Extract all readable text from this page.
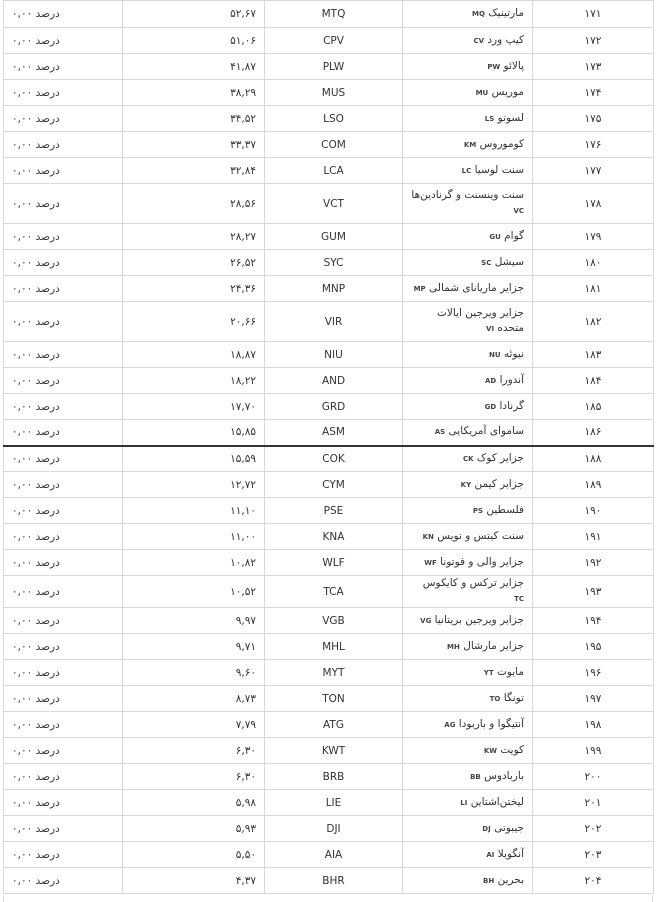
۰,۰۰ درصد	۵۲,۶۷	MTQ	مارتینیک MQ	۱۷۱
۰,۰۰ درصد	۵۱,۰۶	CPV	کیپ ورد CV	۱۷۲
۰,۰۰ درصد	۴۱,۸۷	PLW	پالائو PW	۱۷۳
۰,۰۰ درصد	۳۸,۲۹	MUS	موریس MU	۱۷۴
۰,۰۰ درصد	۳۴,۵۲	LSO	لسوتو LS	۱۷۵
۰,۰۰ درصد	۳۳,۳۷	COM	کوموروس KM	۱۷۶
۰,۰۰ درصد	۳۲,۸۴	LCA	سنت لوسیا LC	۱۷۷
۰,۰۰ درصد	۲۸,۵۶	VCT	سنت وینسنت و گرنادین‌ها VC	۱۷۸
۰,۰۰ درصد	۲۸,۲۷	GUM	گوام GU	۱۷۹
۰,۰۰ درصد	۲۶,۵۲	SYC	سیشل SC	۱۸۰
۰,۰۰ درصد	۲۴,۳۶	MNP	جزایر ماریانای شمالی MP	۱۸۱
۰,۰۰ درصد	۲۰,۶۶	VIR	جزایر ویرجین ایالات متحده VI	۱۸۲
۰,۰۰ درصد	۱۸,۸۷	NIU	نیوئه NU	۱۸۳
۰,۰۰ درصد	۱۸,۲۲	AND	آندورا AD	۱۸۴
۰,۰۰ درصد	۱۷,۷۰	GRD	گرنادا GD	۱۸۵
۰,۰۰ درصد	۱۵,۸۵	ASM	ساموای آمریکایی AS	۱۸۶
۰,۰۰ درصد	۱۵,۵۹	COK	جزایر کوک CK	۱۸۸
۰,۰۰ درصد	۱۲,۷۲	CYM	جزایر کیمن KY	۱۸۹
۰,۰۰ درصد	۱۱,۱۰	PSE	فلسطین PS	۱۹۰
۰,۰۰ درصد	۱۱,۰۰	KNA	سنت کیتس و نویس KN	۱۹۱
۰,۰۰ درصد	۱۰,۸۲	WLF	جزایر والی و فوتونا WF	۱۹۲
۰,۰۰ درصد	۱۰,۵۲	TCA	جزایر ترکس و کایکوس TC	۱۹۳
۰,۰۰ درصد	۹,۹۷	VGB	جزایر ویرجین بریتانیا VG	۱۹۴
۰,۰۰ درصد	۹,۷۱	MHL	جزایر مارشال MH	۱۹۵
۰,۰۰ درصد	۹,۶۰	MYT	مایوت YT	۱۹۶
۰,۰۰ درصد	۸,۷۳	TON	تونگا TO	۱۹۷
۰,۰۰ درصد	۷,۷۹	ATG	آنتیگوا و باربودا AG	۱۹۸
۰,۰۰ درصد	۶,۳۰	KWT	کویت KW	۱۹۹
۰,۰۰ درصد	۶,۳۰	BRB	باربادوس BB	۲۰۰
۰,۰۰ درصد	۵,۹۸	LIE	لیختن‌اشتاین LI	۲۰۱
۰,۰۰ درصد	۵,۹۳	DJI	جیبوتی DJ	۲۰۲
۰,۰۰ درصد	۵,۵۰	AIA	آنگویلا AI	۲۰۳
۰,۰۰ درصد	۴,۳۷	BHR	بحرین BH	۲۰۴
